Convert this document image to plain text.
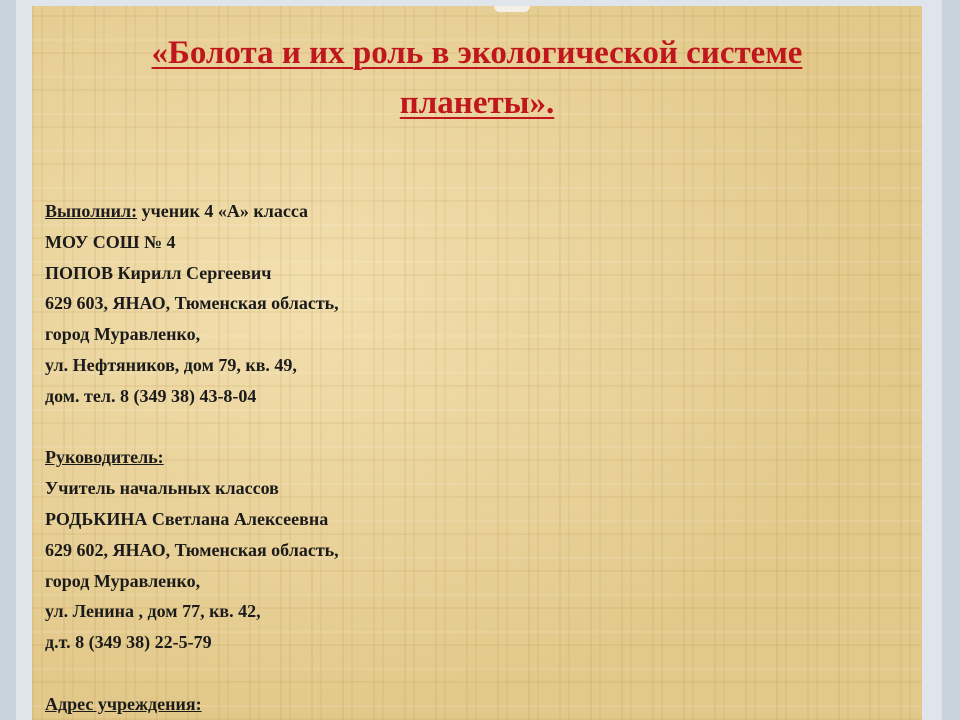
«Болота и их роль в экологической системе
планеты».
Выполнил: ученик 4 «А» класса
МОУ СОШ № 4
ПОПОВ Кирилл Сергеевич
629 603, ЯНАО, Тюменская область,
город Муравленко,
ул. Нефтяников, дом 79, кв. 49,
дом. тел. 8 (349 38) 43-8-04
Руководитель:
Учитель начальных классов
РОДЬКИНА Светлана Алексеевна
629 602, ЯНАО, Тюменская область,
город Муравленко,
ул. Ленина , дом 77, кв. 42,
д.т. 8 (349 38) 22-5-79
Адрес учреждения:
